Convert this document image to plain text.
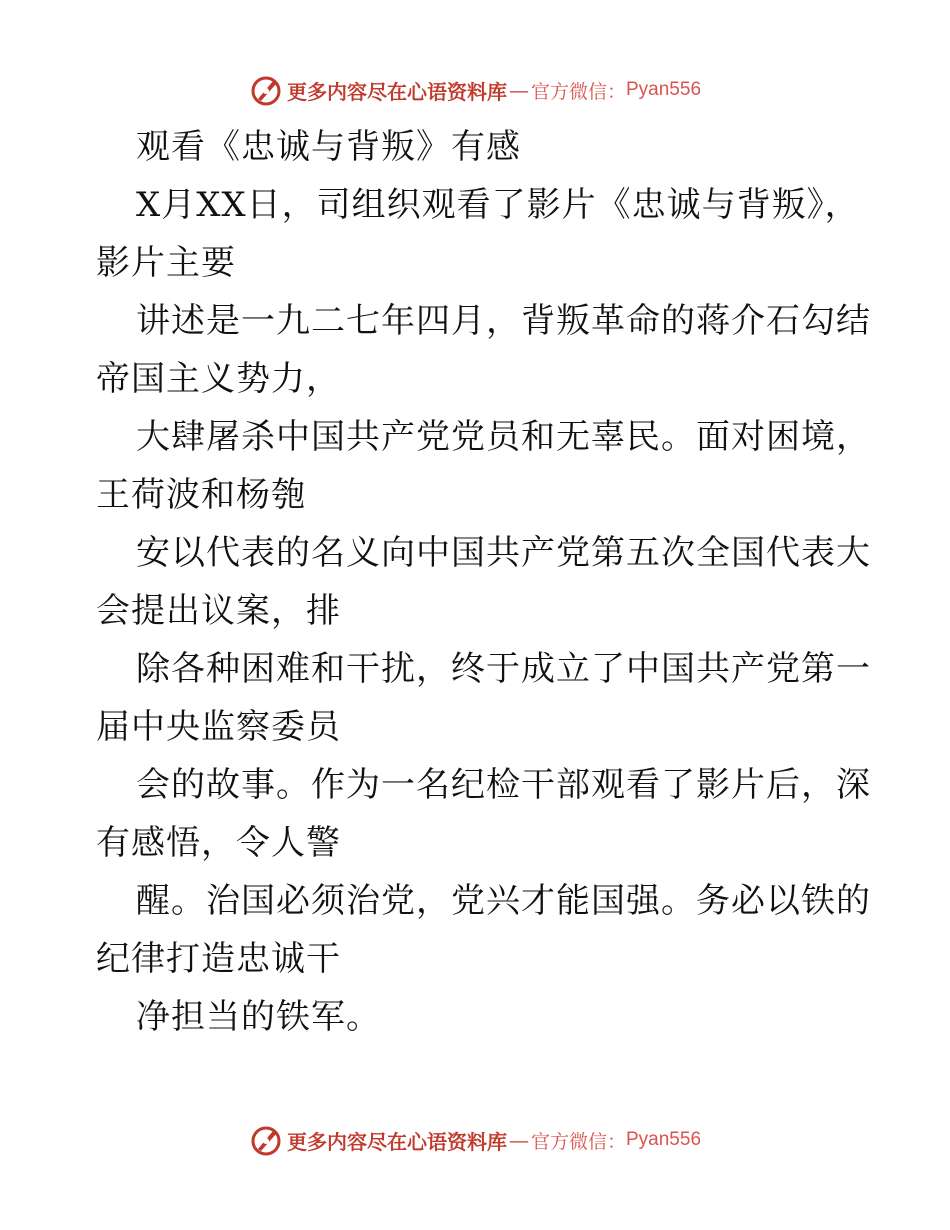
更多内容尽在心语资料库 — 官方微信： Pyan556
观看《忠诚与背叛》有感
X月XX日，司组织观看了影片《忠诚与背叛》，
影片主要
讲述是一九二七年四月，背叛革命的蒋介石勾结
帝国主义势力，
大肆屠杀中国共产党党员和无辜民。面对困境，
王荷波和杨匏
安以代表的名义向中国共产党第五次全国代表大
会提出议案，排
除各种困难和干扰，终于成立了中国共产党第一
届中央监察委员
会的故事。作为一名纪检干部观看了影片后，深
有感悟，令人警
醒。治国必须治党，党兴才能国强。务必以铁的
纪律打造忠诚干
净担当的铁军。
更多内容尽在心语资料库 — 官方微信： Pyan556
